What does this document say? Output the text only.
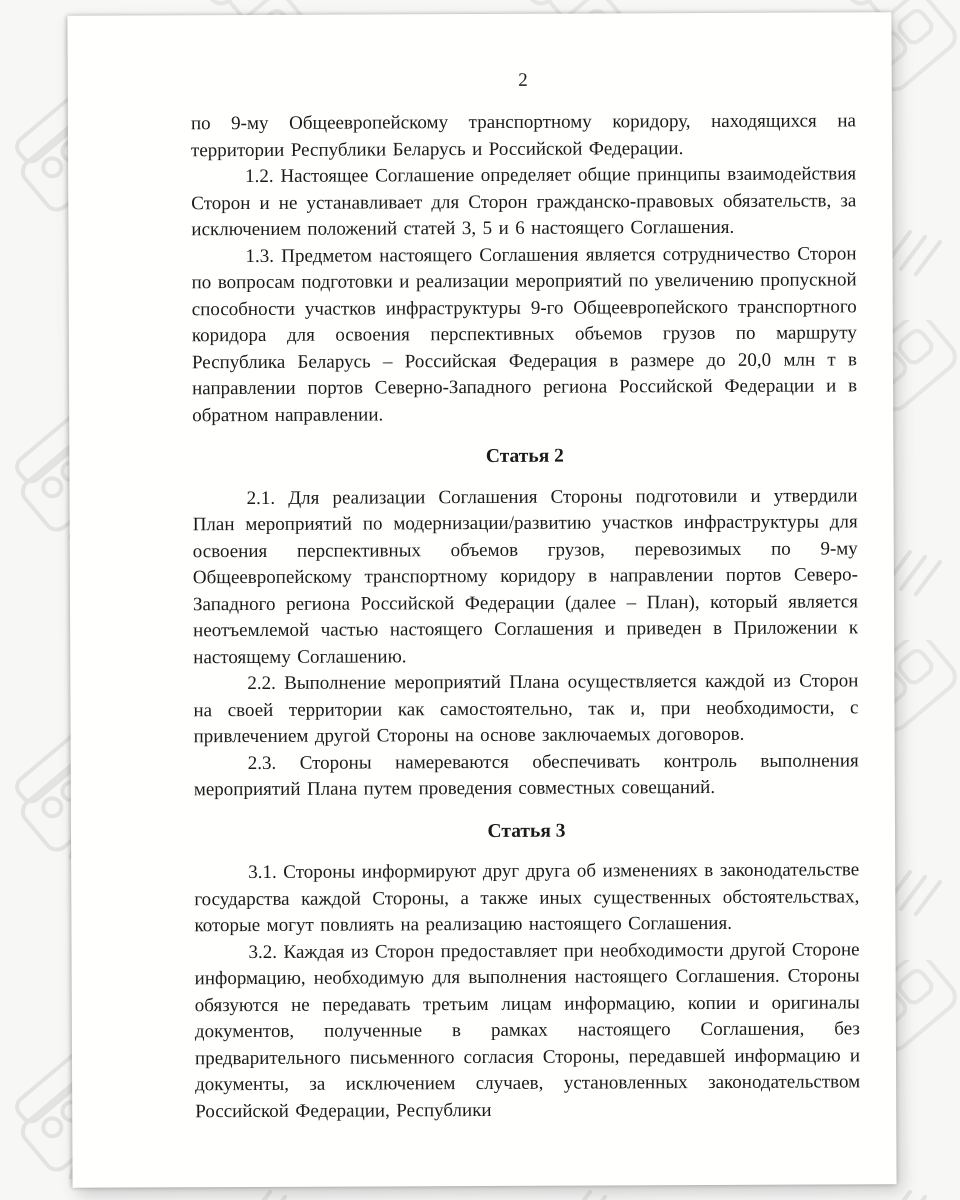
2

по 9-му Общеевропейскому транспортному коридору, находящихся на территории Республики Беларусь и Российской Федерации.

1.2. Настоящее Соглашение определяет общие принципы взаимодействия Сторон и не устанавливает для Сторон гражданско-правовых обязательств, за исключением положений статей 3, 5 и 6 настоящего Соглашения.

1.3. Предметом настоящего Соглашения является сотрудничество Сторон по вопросам подготовки и реализации мероприятий по увеличению пропускной способности участков инфраструктуры 9-го Общеевропейского транспортного коридора для освоения перспективных объемов грузов по маршруту Республика Беларусь – Российская Федерация в размере до 20,0 млн т в направлении портов Северно-Западного региона Российской Федерации и в обратном направлении.

Статья 2

2.1. Для реализации Соглашения Стороны подготовили и утвердили План мероприятий по модернизации/развитию участков инфраструктуры для освоения перспективных объемов грузов, перевозимых по 9-му Общеевропейскому транспортному коридору в направлении портов Северо-Западного региона Российской Федерации (далее – План), который является неотъемлемой частью настоящего Соглашения и приведен в Приложении к настоящему Соглашению.

2.2. Выполнение мероприятий Плана осуществляется каждой из Сторон на своей территории как самостоятельно, так и, при необходимости, с привлечением другой Стороны на основе заключаемых договоров.

2.3. Стороны намереваются обеспечивать контроль выполнения мероприятий Плана путем проведения совместных совещаний.

Статья 3

3.1. Стороны информируют друг друга об изменениях в законодательстве государства каждой Стороны, а также иных существенных обстоятельствах, которые могут повлиять на реализацию настоящего Соглашения.

3.2. Каждая из Сторон предоставляет при необходимости другой Стороне информацию, необходимую для выполнения настоящего Соглашения. Стороны обязуются не передавать третьим лицам информацию, копии и оригиналы документов, полученные в рамках настоящего Соглашения, без предварительного письменного согласия Стороны, передавшей информацию и документы, за исключением случаев, установленных законодательством Российской Федерации, Республики
